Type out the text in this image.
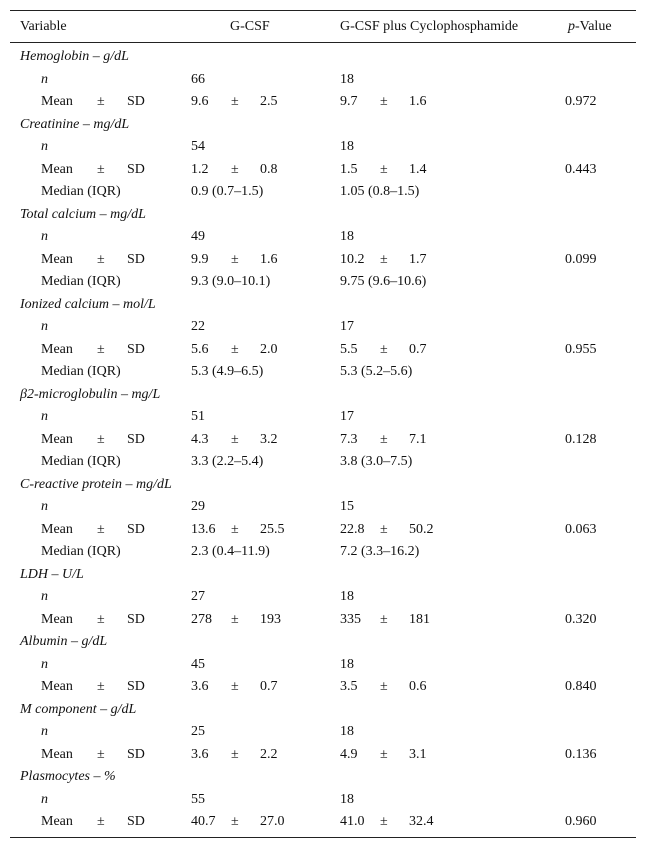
Variable	G-CSF	G-CSF plus Cyclophosphamide	p-Value
Hemoglobin – g/dL
n	66	18
Mean ± SD	9.6 ± 2.5	9.7 ± 1.6	0.972
Creatinine – mg/dL
n	54	18
Mean ± SD	1.2 ± 0.8	1.5 ± 1.4	0.443
Median (IQR)	0.9 (0.7–1.5)	1.05 (0.8–1.5)
Total calcium – mg/dL
n	49	18
Mean ± SD	9.9 ± 1.6	10.2 ± 1.7	0.099
Median (IQR)	9.3 (9.0–10.1)	9.75 (9.6–10.6)
Ionized calcium – mol/L
n	22	17
Mean ± SD	5.6 ± 2.0	5.5 ± 0.7	0.955
Median (IQR)	5.3 (4.9–6.5)	5.3 (5.2–5.6)
β2-microglobulin – mg/L
n	51	17
Mean ± SD	4.3 ± 3.2	7.3 ± 7.1	0.128
Median (IQR)	3.3 (2.2–5.4)	3.8 (3.0–7.5)
C-reactive protein – mg/dL
n	29	15
Mean ± SD	13.6 ± 25.5	22.8 ± 50.2	0.063
Median (IQR)	2.3 (0.4–11.9)	7.2 (3.3–16.2)
LDH – U/L
n	27	18
Mean ± SD	278 ± 193	335 ± 181	0.320
Albumin – g/dL
n	45	18
Mean ± SD	3.6 ± 0.7	3.5 ± 0.6	0.840
M component – g/dL
n	25	18
Mean ± SD	3.6 ± 2.2	4.9 ± 3.1	0.136
Plasmocytes – %
n	55	18
Mean ± SD	40.7 ± 27.0	41.0 ± 32.4	0.960
